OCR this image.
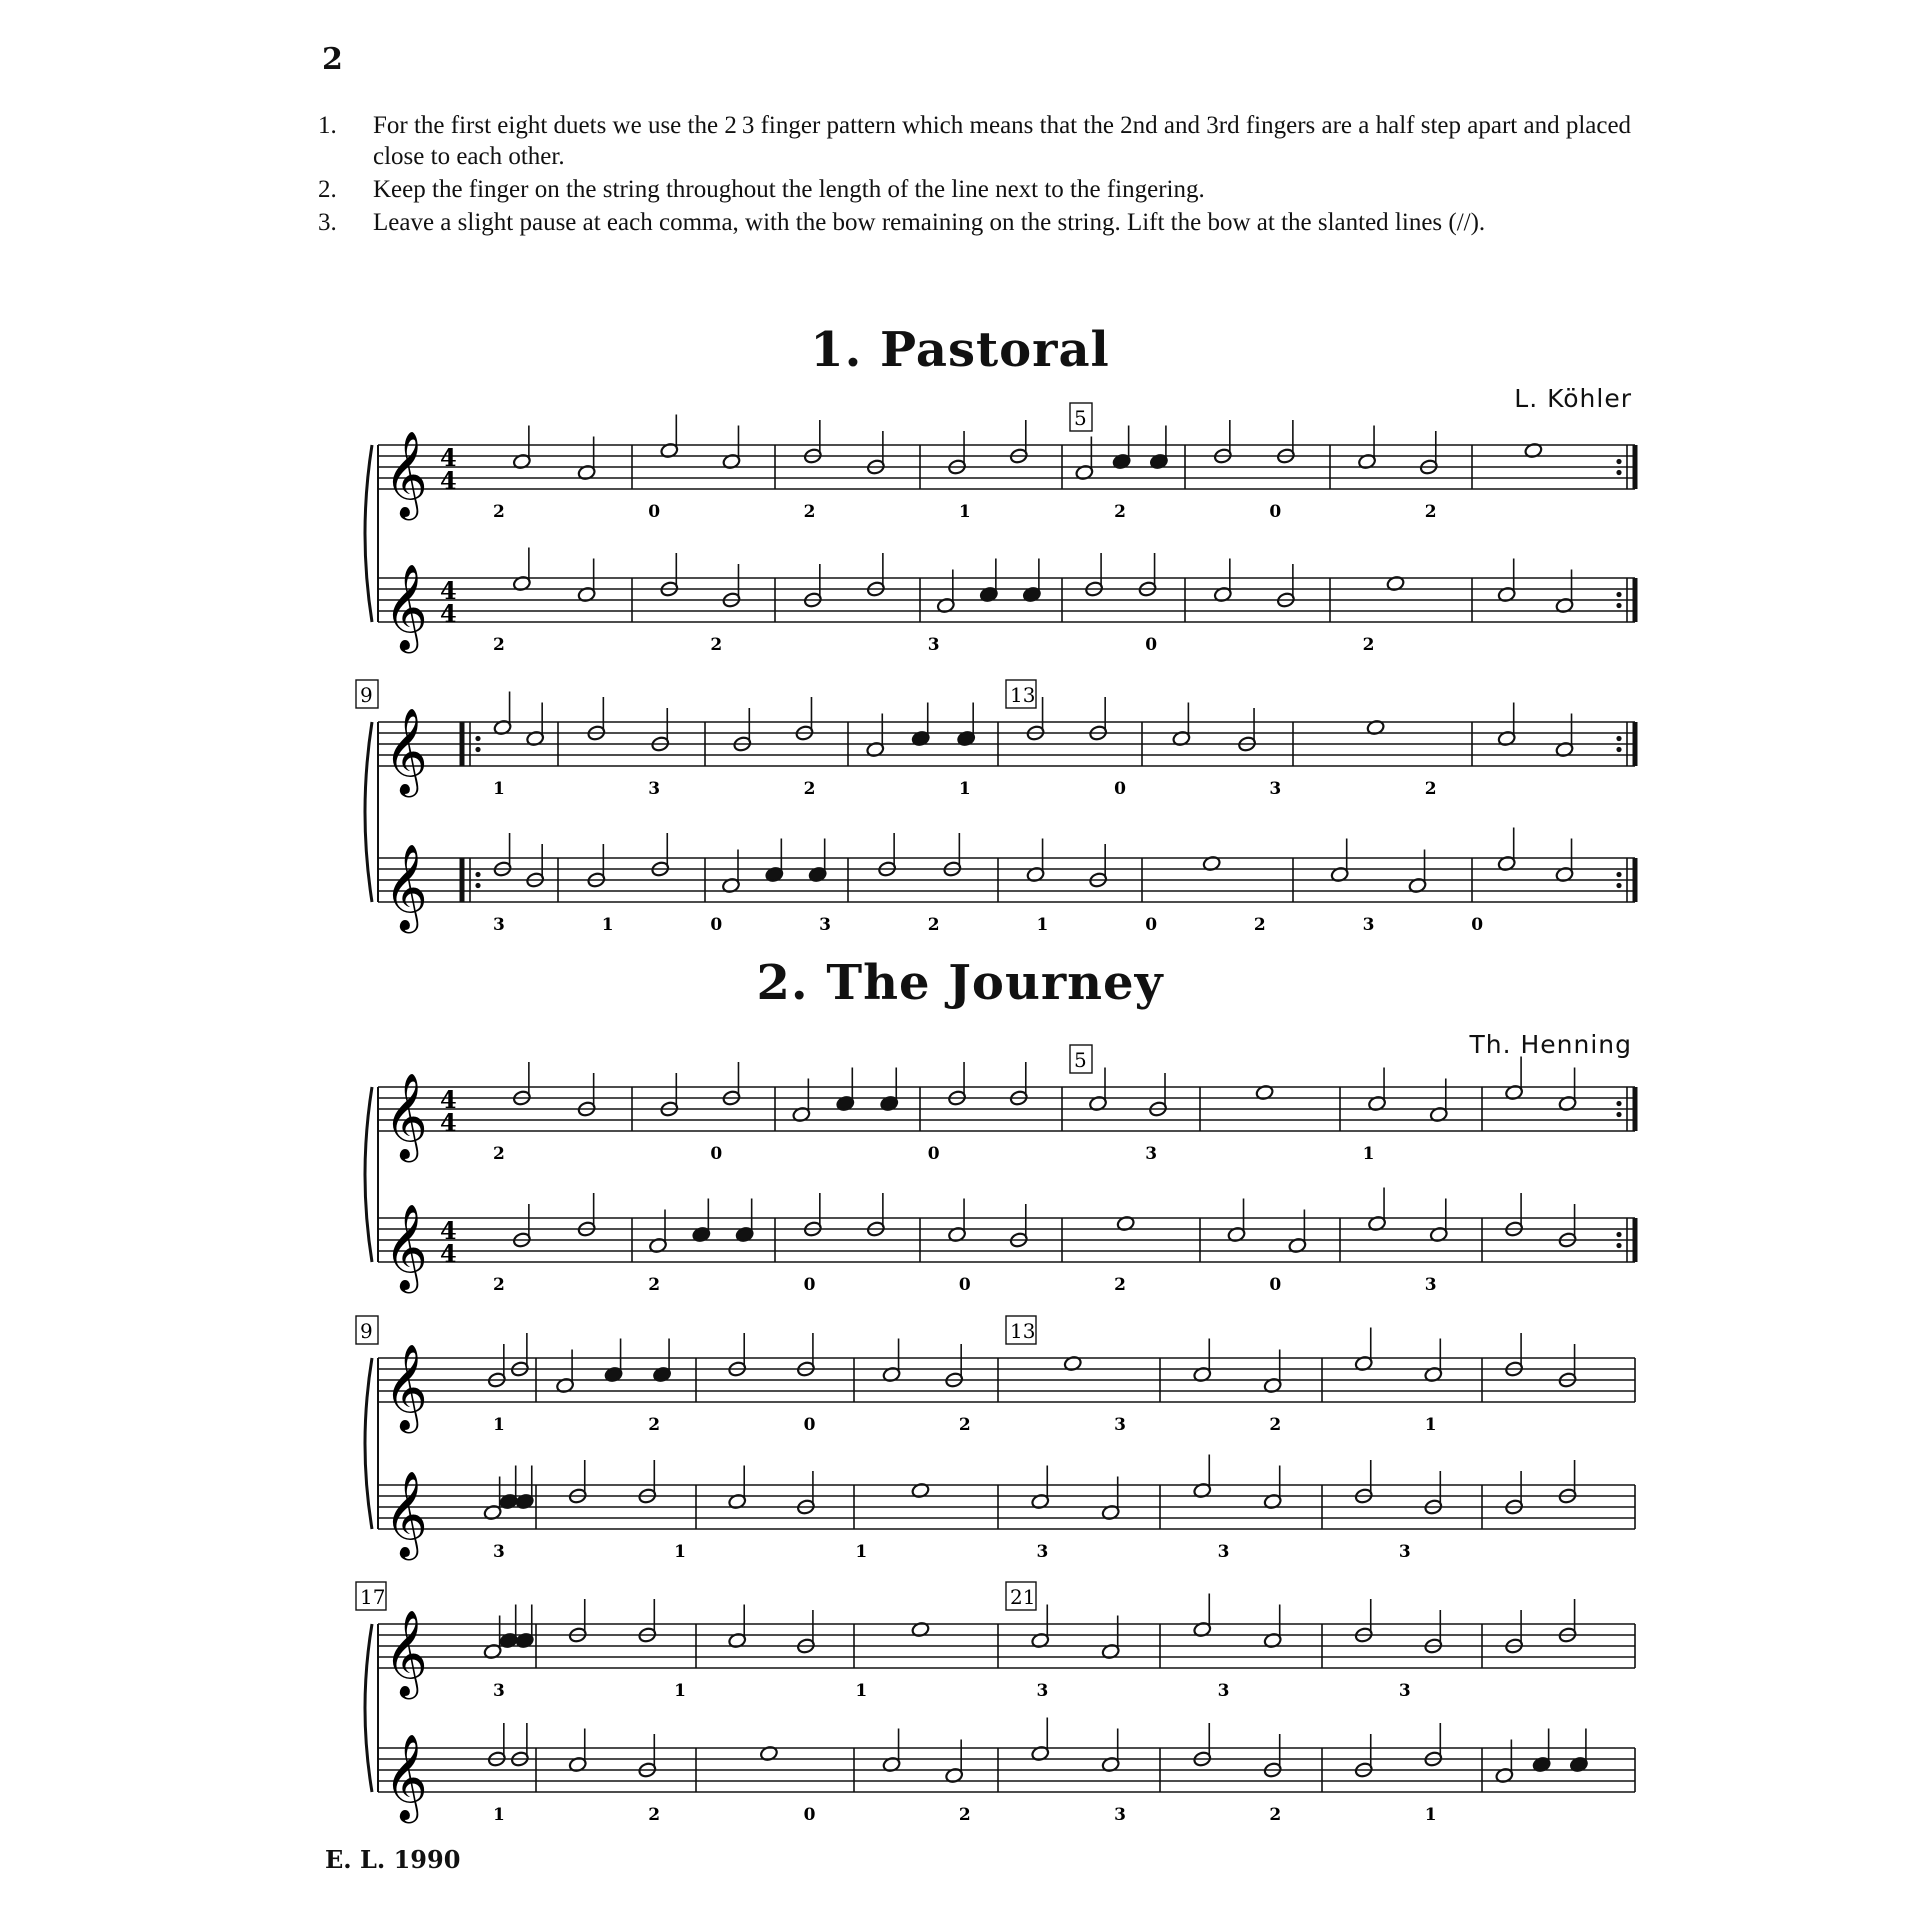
2
1. For the first eight duets we use the 2 3 finger pattern which means that the 2nd and 3rd fingers are a half step apart and placed close to each other.
2. Keep the finger on the string throughout the length of the line next to the fingering.
3. Leave a slight pause at each comma, with the bow remaining on the string. Lift the bow at the slanted lines (//).
1. Pastoral
L. Köhler
2. The Journey
Th. Henning
𝄞 4
4
2	0	2	1	2	0	2
𝄞 4
4
2	2	3	0	2
5
𝄞	1	3	2	1	0	3	2
𝄞	3	1	0	3	2	1	0	2	3	0
9	13
𝄞 4
4
2	0	0	3	1
𝄞 4
4
2	2	0	0	2	0	3
5
𝄞	1	2	0	2	3	2	1
𝄞	3	1	1	3	3	3
9	13
𝄞	3	1	1	3	3	3
𝄞	1	2	0	2	3	2	1
17	21
E. L. 1990
